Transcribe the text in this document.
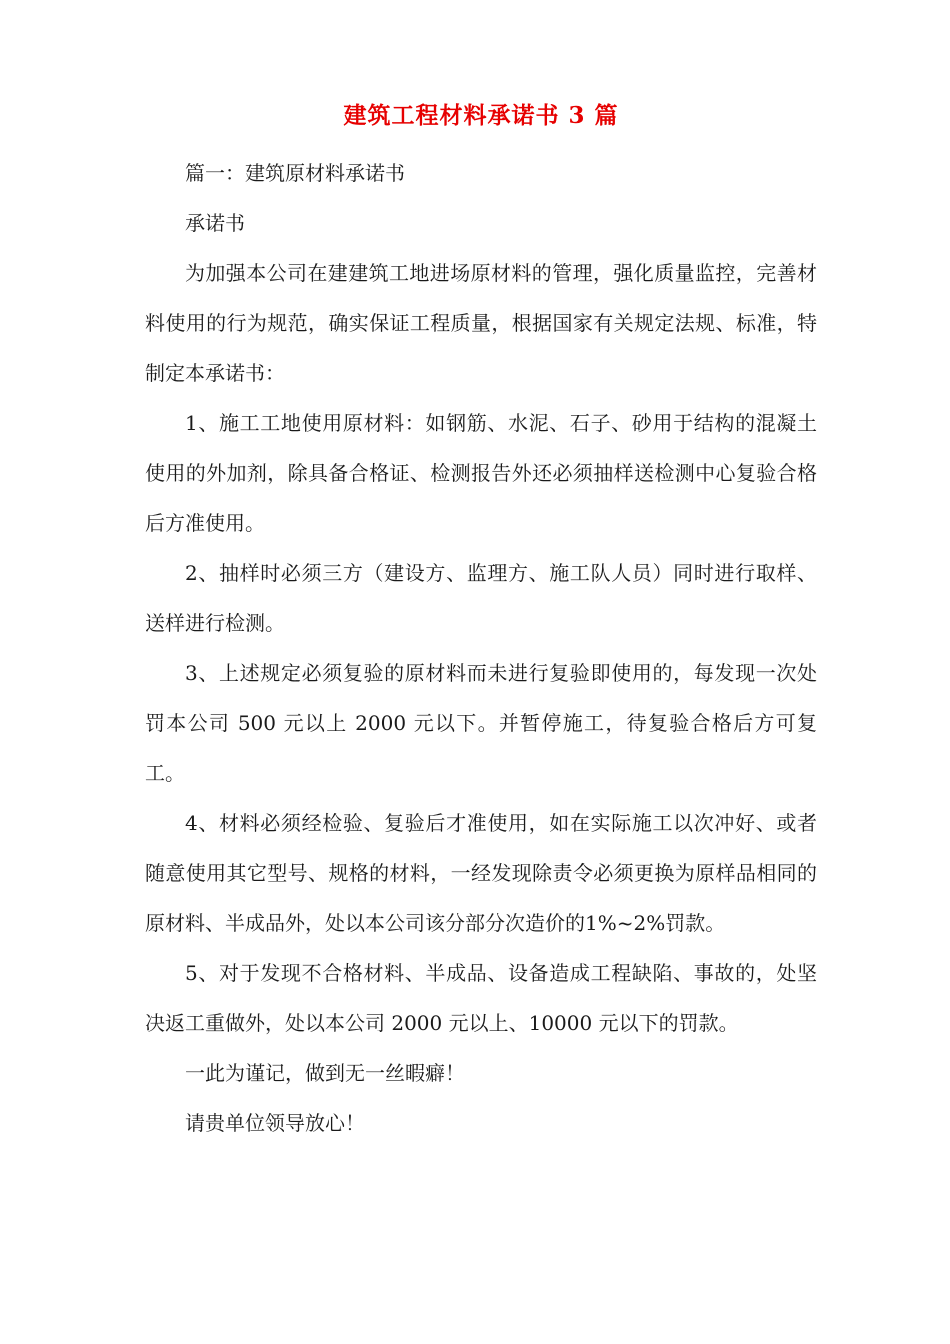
建筑工程材料承诺书 3 篇

篇一：建筑原材料承诺书

承诺书

为加强本公司在建建筑工地进场原材料的管理，强化质量监控，完善材料使用的行为规范，确实保证工程质量，根据国家有关规定法规、标准，特制定本承诺书：

1、施工工地使用原材料：如钢筋、水泥、石子、砂用于结构的混凝土使用的外加剂，除具备合格证、检测报告外还必须抽样送检测中心复验合格后方准使用。

2、抽样时必须三方（建设方、监理方、施工队人员）同时进行取样、送样进行检测。

3、上述规定必须复验的原材料而未进行复验即使用的，每发现一次处罚本公司 500 元以上 2000 元以下。并暂停施工，待复验合格后方可复工。

4、材料必须经检验、复验后才准使用，如在实际施工以次冲好、或者随意使用其它型号、规格的材料，一经发现除责令必须更换为原样品相同的原材料、半成品外，处以本公司该分部分次造价的1%~2%罚款。

5、对于发现不合格材料、半成品、设备造成工程缺陷、事故的，处坚决返工重做外，处以本公司 2000 元以上、10000 元以下的罚款。

一此为谨记，做到无一丝暇癖！

请贵单位领导放心！
